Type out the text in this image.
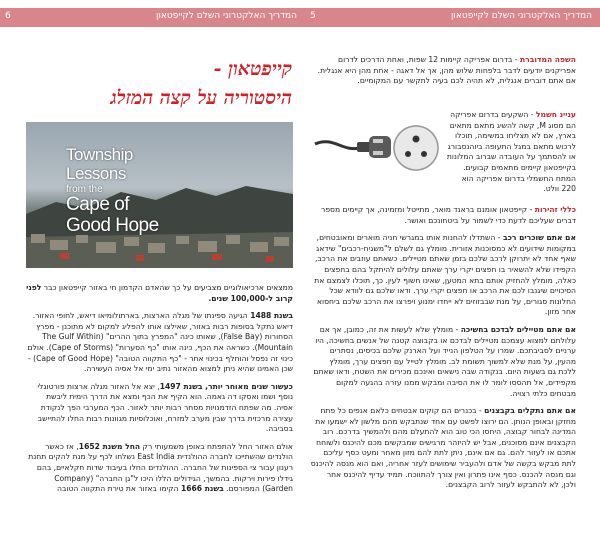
6	המדריך האלקטרוני השלם לקייפטאון 5	המדריך האלקטרוני השלם לקייפטאון
קייפטאון -
היסטוריה על קצה המזלג
Township
Lessons
from the
Cape of
Good Hope

ממצאים ארכיאולוגיים מצביעים על כך שהאדם הקדמון חי באזור קייפטאון כבר לפני קרוב ל-100,000 שנים.

בשנת 1488 הגיעה ספינתו של מגלה הארצות, בארתולומיאו דיאש, לחופי האזור. דיאש נתקל בסופות רבות באזור, שאילצו אותו להפליג למקום לא מתוכנן - מפרץ הסחורות (False Bay), שאותו כינה "המפרץ בתוך ההרים" (The Gulf Within Mountain). כשראה את הכף, כינה אותו "כף הסערות" (Cape of Storms). אולם כינוי זה נפסל והוחלף בכינוי אחר - "כף התקווה הטובה" (Cape of Good Hope) - שכן האמינו שהיא ניתן למצוא מהאזור נתיב ימי אל אסיה העשירה.

כעשור שנים מאוחר יותר, בשנת 1497, יצא אל האזור מגלה ארצות פורטוגלי נוסף ושמו ואסקו דה גאמה. הוא הקיף את הכף ומצא את הדרך הימית ליבשת אסיה. מה שפתח הזדמנויות מסחר רבות יותר לאזור. הכף המערבי הפך לנקודת עצירה מרכזית בדרך שבין מערב למזרח, ואוכלוסיות מגוונות רבות החלו להתיישב בסביבה.

אולם האזור החל להתפתח באופן משמעותי רק החל משנת 1652, אז כאשר הולנדים שהשתייכו לחברה ההולנדית East India נשלחו לכף על מנת להקים תחנת רענון עבור צי הספינות של החברה. ההולנדים החלו בעיבוד שדות חקלאיים, בהם גידלו פירות וירקות. בהמשך, הגידולים הללו היכו ל"גן החברה" (Company Garden) המפורסם. בשנת 1666 הקימו באזור את טירת התקווה הטובה

השפה המדוברת - בדרום אפריקה קיימות 12 שפות, ואחת הדרכים לדרום אפריקנים יודעים לדבר בלפחות שלוש מהן, אך אל דאגה - אחת מהן היא אנגלית. אם אתם דוברים אנגלית, לא תהיה לכם בעיה לתקשר עם המקומיים.

עניינ חשמל - השקעים בדרום אפריקה הם מסוג M, קשה להשיג מתאם מתאים בארץ, אם לא תצליחו במשימה, תוכלו לרכוש מתאם במגל התעופה ביוהנסבורג או להסתמך על העובדה שברוב המלונות בקייפטאון קיימים מתאמים קבועים. המתח החשמלי בדרום אפריקה הוא 220 וולט.

כללי זהירות - קייפטאון אומנם בראנד מואר, מתייטל ומזמינה, אך קיימים מספר דברים שעליכם לדעת כדי לשמור על ביטחונכם ואושר.

אם אתם שוכרים רכב - השתדלו להחנות אותו במגרשי חניה מוארים ומאובטחים, במקומות שידועים לא כמסוכנות אזורית. מומלץ גם לשלם ל"משגיח-רכבים" שידאג שאף אחד לא יתרוקן לרכב שלכם בזמן שאתם מטיילים. כשאתם עוזבים את הרכב, הקפידו שלא להשאיר בו חפצים יקרי ערך שאתם עלולים להיתקל בהם בחפצים כאלה, מומלץ להחזיק אותם בתא המטען, שאינו חשוף לעין. כך, תוכלו לצמצם את הסיכויים שיגנבו לכם את הרכב או חפצים יקרי ערך. ודאו שלכם גם לוודא שכל החלונות סגורים, על מנת שבבזוזים לא ייחדו ימנוע ויפרצו את הרכב שלכם ביחסוא אחר מזון.

אם אתם מטיילים לבדכם בחשיכה - מומלץ שלא לעשות את זה, כמובן, אך אם עלולתם למצוא עצמכם מטיילים לבדכם או בקבוצה קטנה של אנשים בחשיכה, היו ערניים לסביבתכם. שמרו על הטלפון הנייד ועל הארנק שלכם בכיסים, נסתרים מהעין, על מנת שלא למשוך תשומת לב. מומלץ לטייל עם חפצים ערך, מומלץ ללכת גם בשעות היום. בנקודה שבה נישאים ואינכם מכירים את השטח, ודאו שאתם מקפידים, אל תהססו לומר לו את הסיבה ומבקש ממנו עזרה בהגעה למקום מבטחים כלתי רצויה.

אם אתם נתקלים בקבצנים - בכנרים הם קוקים אבטחים כלאם אנפים כל פתח מחזקן ובאופן הנותן. הם ירוצו לפשט עם אחד שנתבקש מהם מלשון לא ישמעו את המדינה לבחור קבוצה, היחסו הכי טוב הוא להתעלם מהם ולהמשיך בדרכם. רוב הקבצנים אינם מסוכנים, אבל יש להיזהר מרגישים שמבקשים מכם להיכנס ולשוחח אתכם או לעזור להם. גם אם אינם, ניתן לתת להם מזון מאחר ומעט כסף עליכם לתת מבקש בקשה של אדם ולהעביר שימושים לעזר אחריה, ואם הוא מנסה להיכנס וגם מנסה להכנס. כסף אינו פתרון ואין צורך להתווכח. תמיד עדיף להיכנס אחר ולכן, לא להתבקש לעזור לרוב הקבצנים.
